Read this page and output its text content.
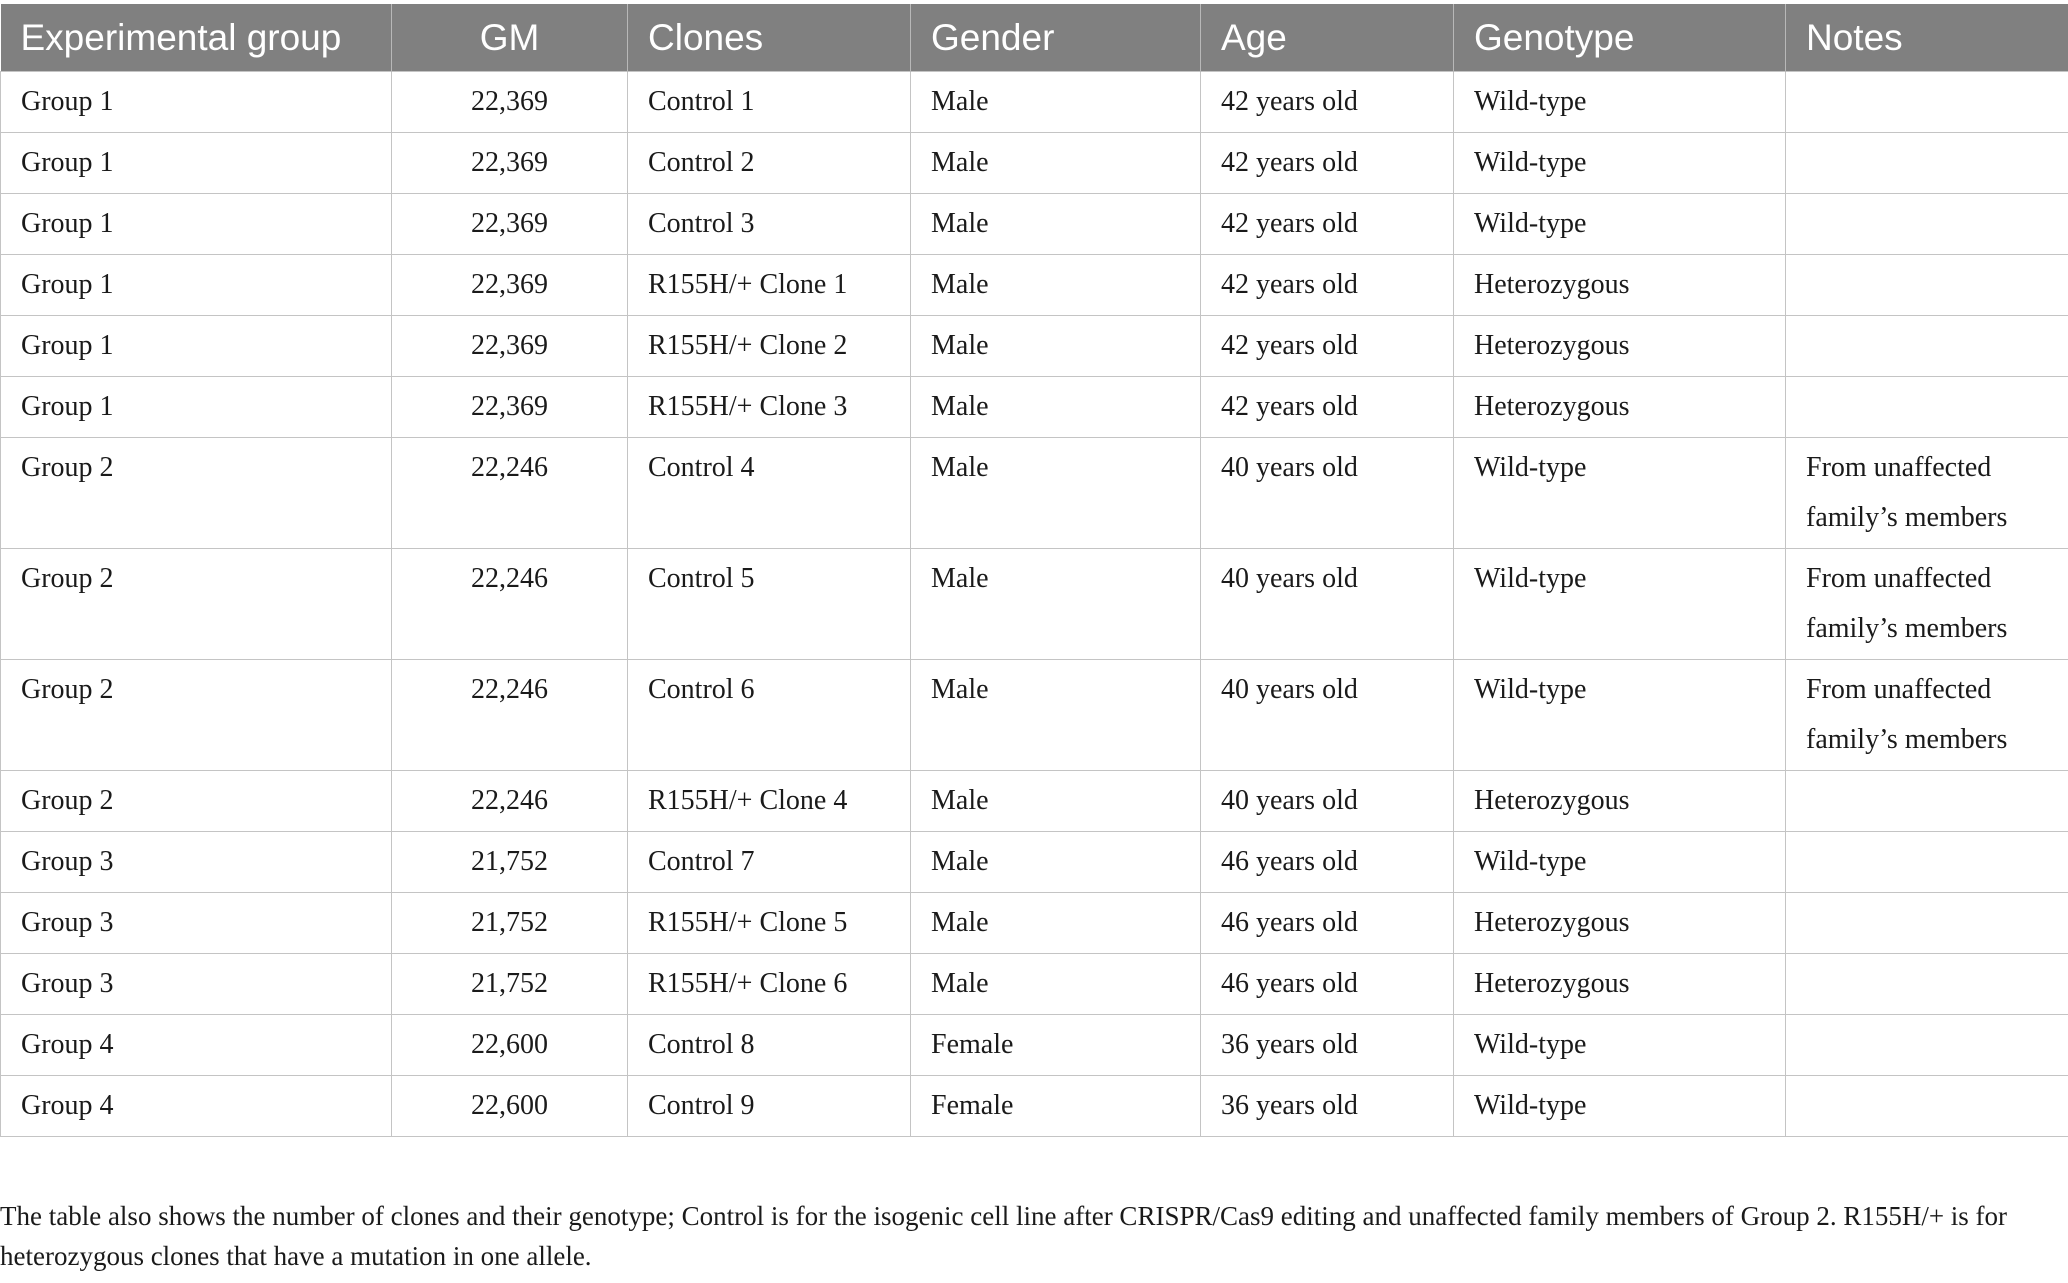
Experimental group	GM	Clones	Gender	Age	Genotype	Notes
Group 1	22,369	Control 1	Male	42 years old	Wild-type	
Group 1	22,369	Control 2	Male	42 years old	Wild-type	
Group 1	22,369	Control 3	Male	42 years old	Wild-type	
Group 1	22,369	R155H/+ Clone 1	Male	42 years old	Heterozygous	
Group 1	22,369	R155H/+ Clone 2	Male	42 years old	Heterozygous	
Group 1	22,369	R155H/+ Clone 3	Male	42 years old	Heterozygous	
Group 2	22,246	Control 4	Male	40 years old	Wild-type	From unaffected family’s members
Group 2	22,246	Control 5	Male	40 years old	Wild-type	From unaffected family’s members
Group 2	22,246	Control 6	Male	40 years old	Wild-type	From unaffected family’s members
Group 2	22,246	R155H/+ Clone 4	Male	40 years old	Heterozygous	
Group 3	21,752	Control 7	Male	46 years old	Wild-type	
Group 3	21,752	R155H/+ Clone 5	Male	46 years old	Heterozygous	
Group 3	21,752	R155H/+ Clone 6	Male	46 years old	Heterozygous	
Group 4	22,600	Control 8	Female	36 years old	Wild-type	
Group 4	22,600	Control 9	Female	36 years old	Wild-type	
The table also shows the number of clones and their genotype; Control is for the isogenic cell line after CRISPR/Cas9 editing and unaffected family members of Group 2. R155H/+ is for heterozygous clones that have a mutation in one allele.
